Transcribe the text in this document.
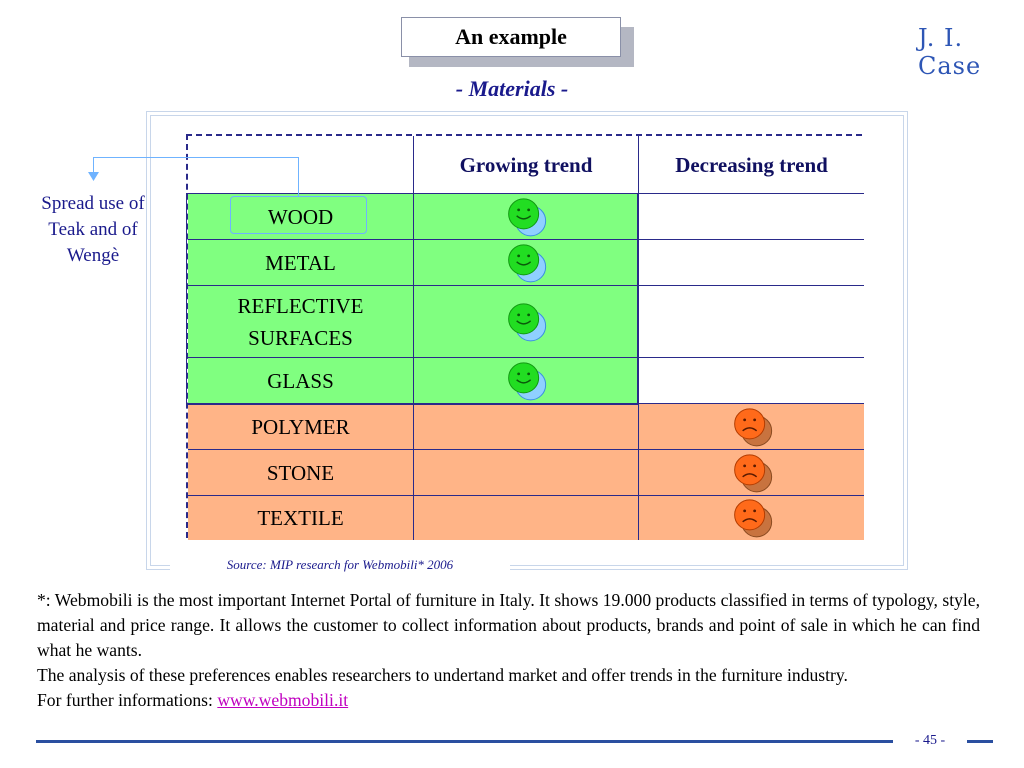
An example
- Materials -
J. I. Case
Growing trend	Decreasing trend
WOOD
METAL
REFLECTIVE SURFACES
GLASS
POLYMER
STONE
TEXTILE
Spread use of Teak and of Wengè
Source: MIP research for Webmobili* 2006

*: Webmobili is the most important Internet Portal of furniture in Italy. It shows 19.000 products classified in terms of typology, style, material and price range. It allows the customer to collect information about products, brands and point of sale in which he can find what he wants.

The analysis of these preferences enables researchers to undertand market and offer trends in the furniture industry.

For further informations: www.webmobili.it

- 45 -
